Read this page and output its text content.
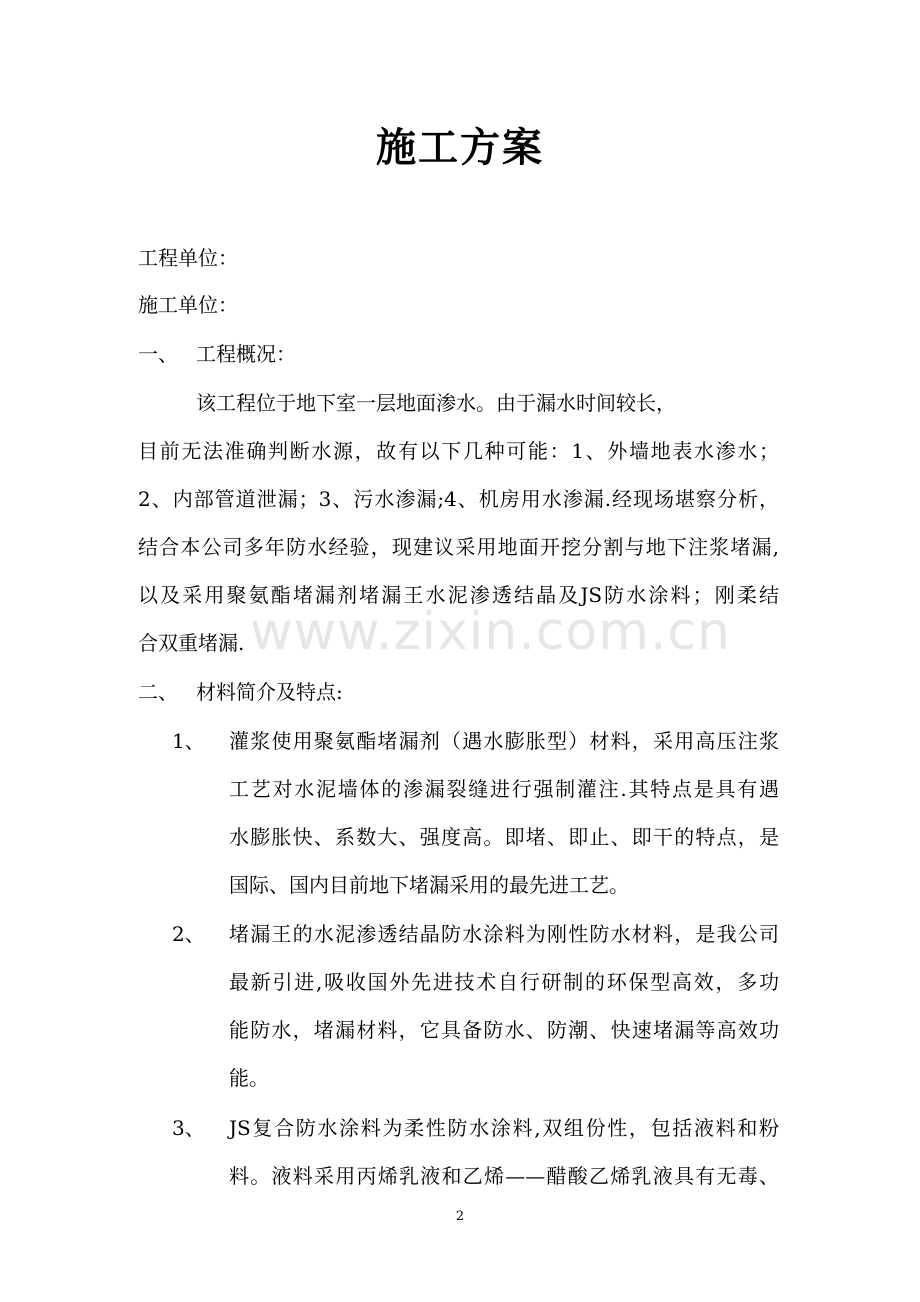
施工方案
工程单位：
施工单位：
一、 工程概况：
该工程位于地下室一层地面渗水。由于漏水时间较长，
目前无法准确判断水源，故有以下几种可能：1、外墙地表水渗水；
2、内部管道泄漏；3、污水渗漏;4、机房用水渗漏.经现场堪察分析，
结合本公司多年防水经验，现建议采用地面开挖分割与地下注浆堵漏,
以及采用聚氨酯堵漏剂堵漏王水泥渗透结晶及JS防水涂料；刚柔结
合双重堵漏. www.zixin.com.cn
二、 材料简介及特点:
1、 灌浆使用聚氨酯堵漏剂（遇水膨胀型）材料，采用高压注浆
工艺对水泥墙体的渗漏裂缝进行强制灌注.其特点是具有遇
水膨胀快、系数大、强度高。即堵、即止、即干的特点，是
国际、国内目前地下堵漏采用的最先进工艺。
2、 堵漏王的水泥渗透结晶防水涂料为刚性防水材料，是我公司
最新引进,吸收国外先进技术自行研制的环保型高效，多功
能防水，堵漏材料，它具备防水、防潮、快速堵漏等高效功
能。
3、 JS复合防水涂料为柔性防水涂料,双组份性，包括液料和粉
料。液料采用丙烯乳液和乙烯——醋酸乙烯乳液具有无毒、
2
